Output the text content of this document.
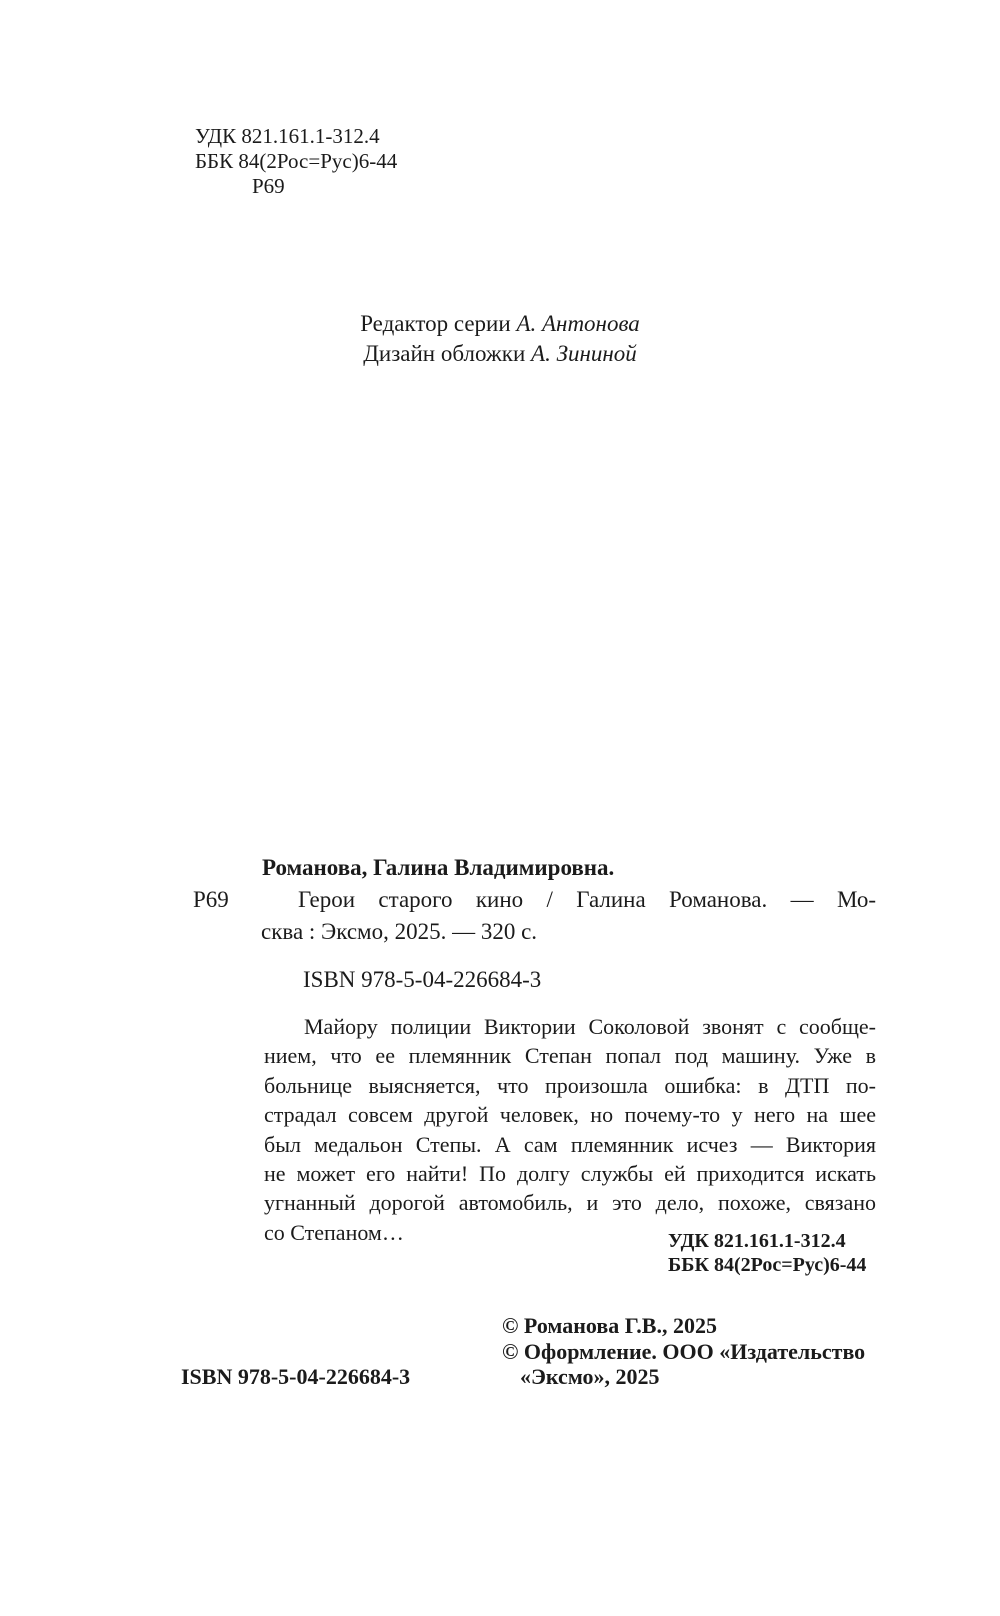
УДК 821.161.1-312.4
ББК 84(2Рос=Рус)6-44
Р69
Редактор серии А. Антонова
Дизайн обложки А. Зининой
Романова, Галина Владимировна.
Р69	Герои старого кино / Галина Романова. — Мо-
сква : Эксмо, 2025. — 320 с.
ISBN 978-5-04-226684-3
Майору полиции Виктории Соколовой звонят с сообще-
нием, что ее племянник Степан попал под машину. Уже в
больнице выясняется, что произошла ошибка: в ДТП по-
страдал совсем другой человек, но почему-то у него на шее
был медальон Степы. А сам племянник исчез — Виктория
не может его найти! По долгу службы ей приходится искать
угнанный дорогой автомобиль, и это дело, похоже, связано
со Степаном…	УДК 821.161.1-312.4
ББК 84(2Рос=Рус)6-44
© Романова Г.В., 2025
© Оформление. ООО «Издательство
«Эксмо», 2025
ISBN 978-5-04-226684-3
